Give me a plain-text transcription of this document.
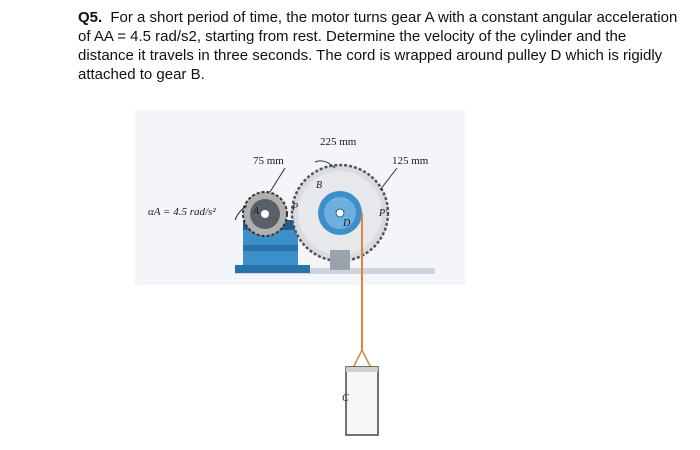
Q5. For a short period of time, the motor turns gear A with a constant angular acceleration of AA = 4.5 rad/s2, starting from rest. Determine the velocity of the cylinder and the distance it travels in three seconds. The cord is wrapped around pulley D which is rigidly attached to gear B.
225 mm
75 mm	125 mm
αA = 4.5 rad/s²	A
B
D
P
P'
C
